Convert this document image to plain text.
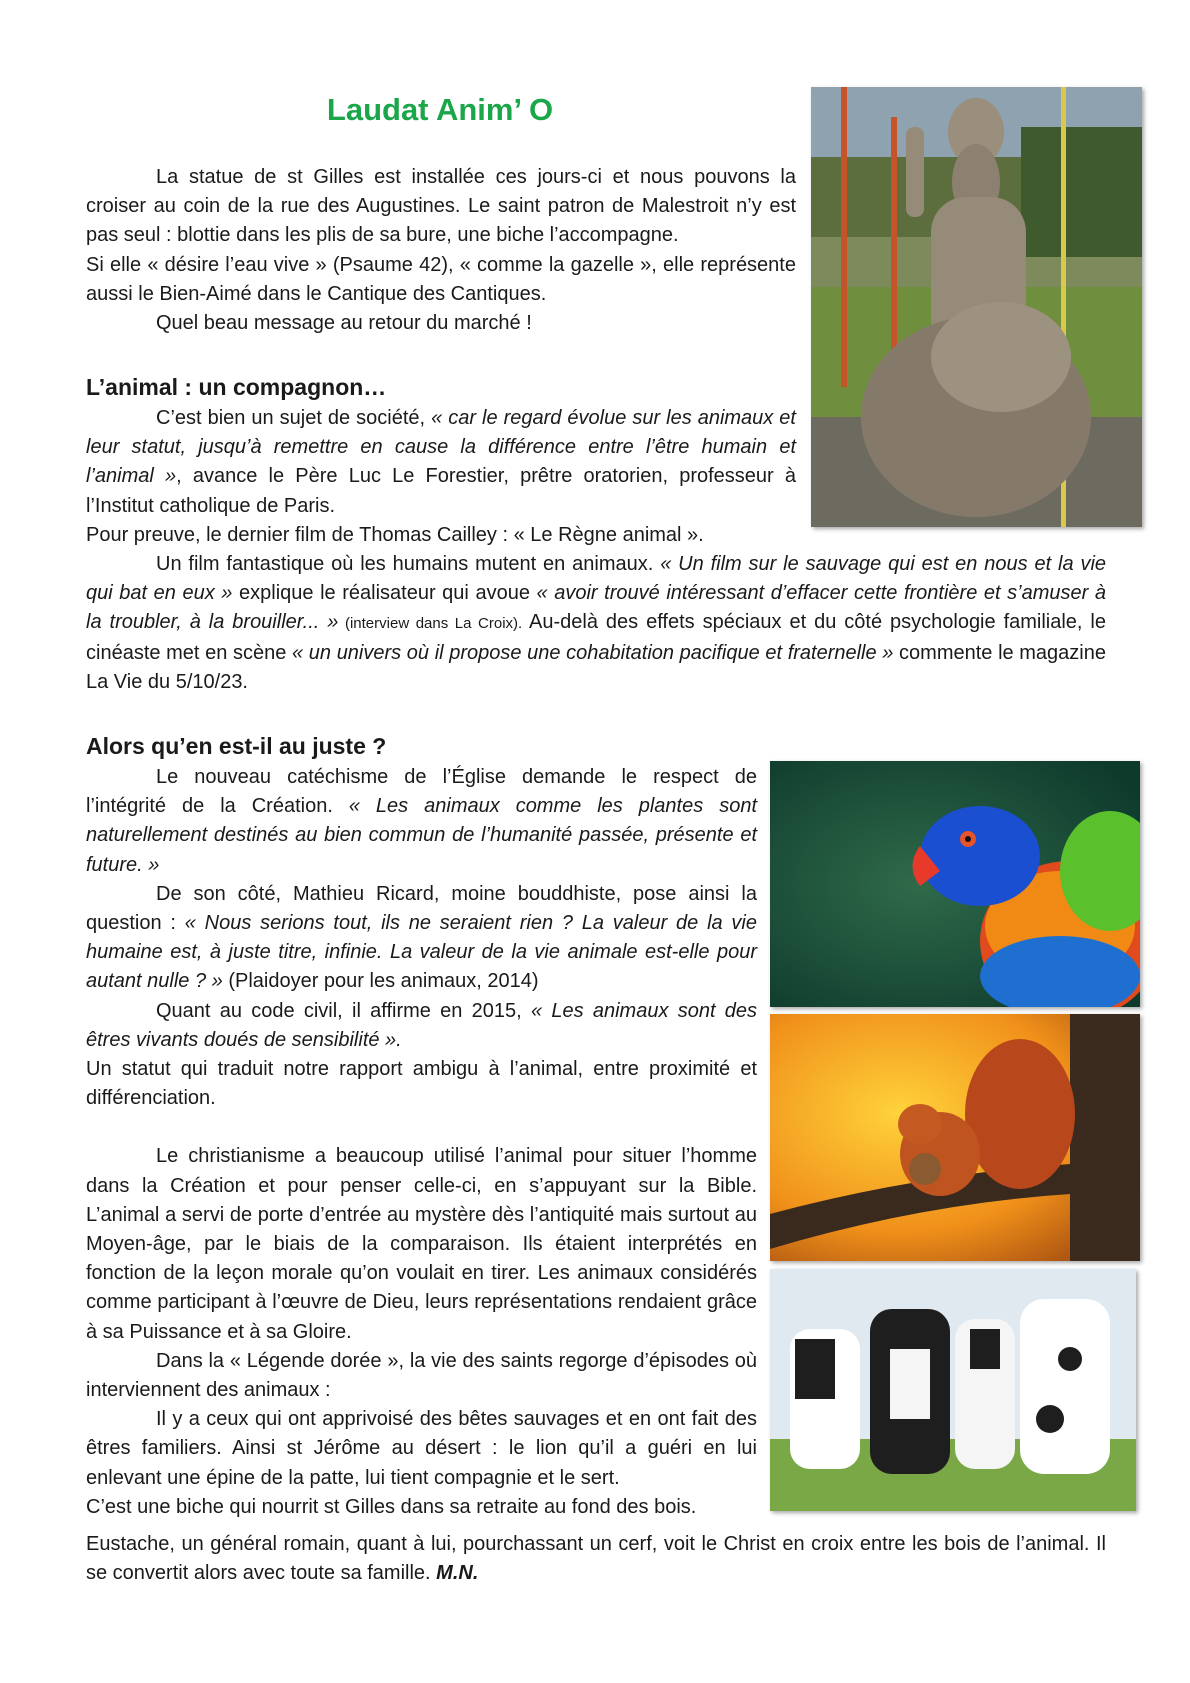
Laudat Anim’ O

La statue de st Gilles est installée ces jours-ci et nous pouvons la croiser au coin de la rue des Augustines. Le saint patron de Malestroit n’y est pas seul : blottie dans les plis de sa bure, une biche l’accompagne.

Si elle « désire l’eau vive » (Psaume 42), « comme la gazelle », elle représente aussi le Bien-Aimé dans le Cantique des Cantiques.

Quel beau message au retour du marché !

L’animal : un compagnon…

C’est bien un sujet de société, « car le regard évolue sur les animaux et leur statut, jusqu’à remettre en cause la différence entre l’être humain et l’animal », avance le Père Luc Le Forestier, prêtre oratorien, professeur à l’Institut catholique de Paris.

Pour preuve, le dernier film de Thomas Cailley : « Le Règne animal ».

Un film fantastique où les humains mutent en animaux. « Un film sur le sauvage qui est en nous et la vie qui bat en eux » explique le réalisateur qui avoue « avoir trouvé intéressant d’effacer cette frontière et s’amuser à la troubler, à la brouiller... » (interview dans La Croix). Au-delà des effets spéciaux et du côté psychologie familiale, le cinéaste met en scène « un univers où il propose une cohabitation pacifique et fraternelle » commente le magazine La Vie du 5/10/23.

Alors qu’en est-il au juste ?

Le nouveau catéchisme de l’Église demande le respect de l’intégrité de la Création. « Les animaux comme les plantes sont naturellement destinés au bien commun de l’humanité passée, présente et future. »

De son côté, Mathieu Ricard, moine bouddhiste, pose ainsi la question : « Nous serions tout, ils ne seraient rien ? La valeur de la vie humaine est, à juste titre, infinie. La valeur de la vie animale est-elle pour autant nulle ? » (Plaidoyer pour les animaux, 2014)

Quant au code civil, il affirme en 2015, « Les animaux sont des êtres vivants doués de sensibilité ».

Un statut qui traduit notre rapport ambigu à l’animal, entre proximité et différenciation.

Le christianisme a beaucoup utilisé l’animal pour situer l’homme dans la Création et pour penser celle-ci, en s’appuyant sur la Bible. L’animal a servi de porte d’entrée au mystère dès l’antiquité mais surtout au Moyen-âge, par le biais de la comparaison. Ils étaient interprétés en fonction de la leçon morale qu’on voulait en tirer. Les animaux considérés comme participant à l’œuvre de Dieu, leurs représentations rendaient grâce à sa Puissance et à sa Gloire.

Dans la « Légende dorée », la vie des saints regorge d’épisodes où interviennent des animaux :

Il y a ceux qui ont apprivoisé des bêtes sauvages et en ont fait des êtres familiers. Ainsi st Jérôme au désert : le lion qu’il a guéri en lui enlevant une épine de la patte, lui tient compagnie et le sert.

C’est une biche qui nourrit st Gilles dans sa retraite au fond des bois.

Eustache, un général romain, quant à lui, pourchassant un cerf, voit le Christ en croix entre les bois de l’animal. Il se convertit alors avec toute sa famille. M.N.
